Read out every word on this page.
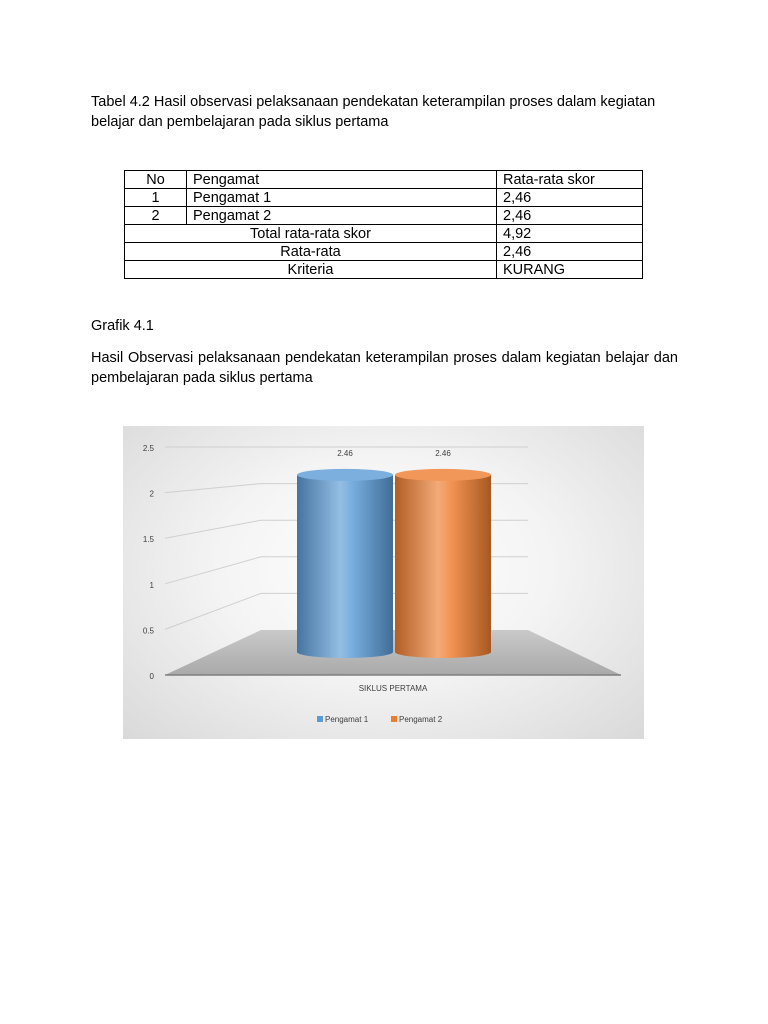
Tabel 4.2 Hasil observasi pelaksanaan pendekatan keterampilan proses dalam kegiatan belajar dan pembelajaran pada siklus pertama
No	Pengamat	Rata-rata skor
1	Pengamat 1	2,46
2	Pengamat 2	2,46
Total rata-rata skor		4,92
Rata-rata		2,46
Kriteria		KURANG
Grafik 4.1
Hasil Observasi pelaksanaan pendekatan keterampilan proses dalam kegiatan belajar dan pembelajaran pada siklus pertama
0
0.5
1
1.5
2
2.5
2.46	2.46
SIKLUS PERTAMA
Pengamat 1	Pengamat 2
